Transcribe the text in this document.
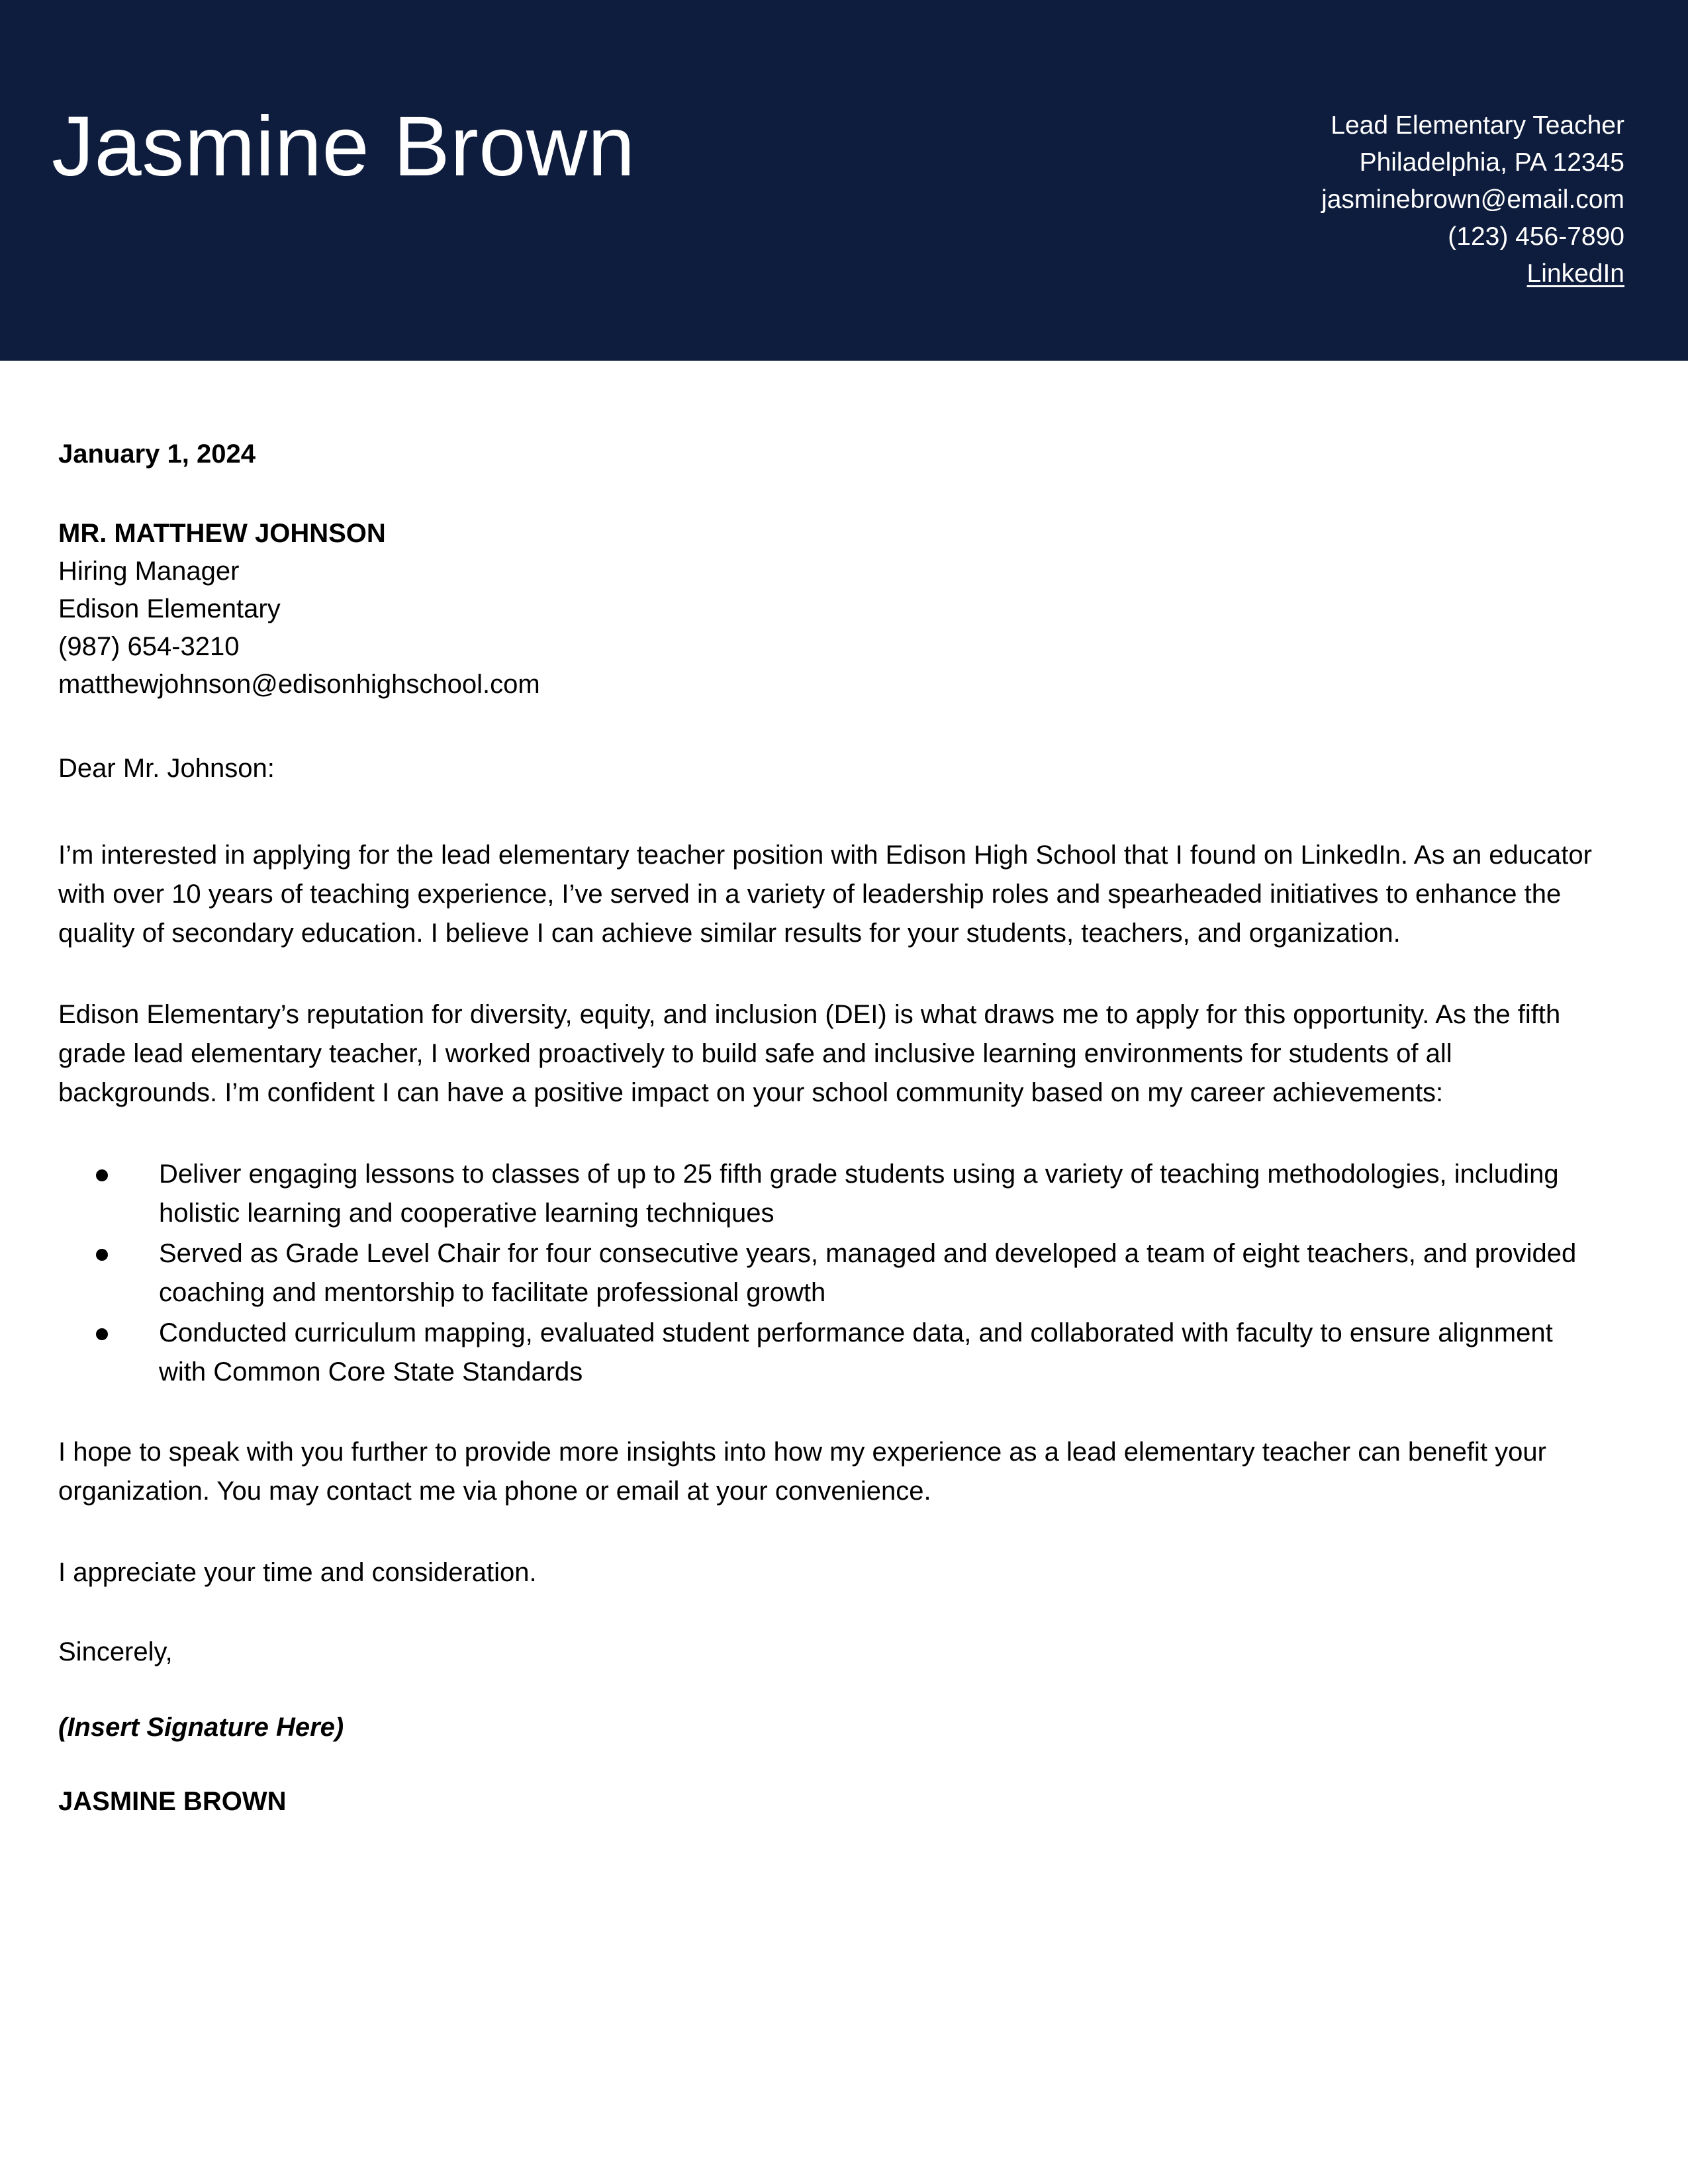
Jasmine Brown	Lead Elementary Teacher
Philadelphia, PA 12345
jasminebrown@email.com
(123) 456-7890
LinkedIn

January 1, 2024

MR. MATTHEW JOHNSON

Hiring Manager

Edison Elementary

(987) 654-3210

matthewjohnson@edisonhighschool.com

Dear Mr. Johnson:

I’m interested in applying for the lead elementary teacher position with Edison High School that I found on LinkedIn. As an educator with over 10 years of teaching experience, I’ve served in a variety of leadership roles and spearheaded initiatives to enhance the quality of secondary education. I believe I can achieve similar results for your students, teachers, and organization.

Edison Elementary’s reputation for diversity, equity, and inclusion (DEI) is what draws me to apply for this opportunity. As the fifth grade lead elementary teacher, I worked proactively to build safe and inclusive learning environments for students of all backgrounds. I’m confident I can have a positive impact on your school community based on my career achievements:

Deliver engaging lessons to classes of up to 25 fifth grade students using a variety of teaching methodologies, including holistic learning and cooperative learning techniques
Served as Grade Level Chair for four consecutive years, managed and developed a team of eight teachers, and provided coaching and mentorship to facilitate professional growth
Conducted curriculum mapping, evaluated student performance data, and collaborated with faculty to ensure alignment with Common Core State Standards

I hope to speak with you further to provide more insights into how my experience as a lead elementary teacher can benefit your organization. You may contact me via phone or email at your convenience.

I appreciate your time and consideration.

Sincerely,

(Insert Signature Here)

JASMINE BROWN
